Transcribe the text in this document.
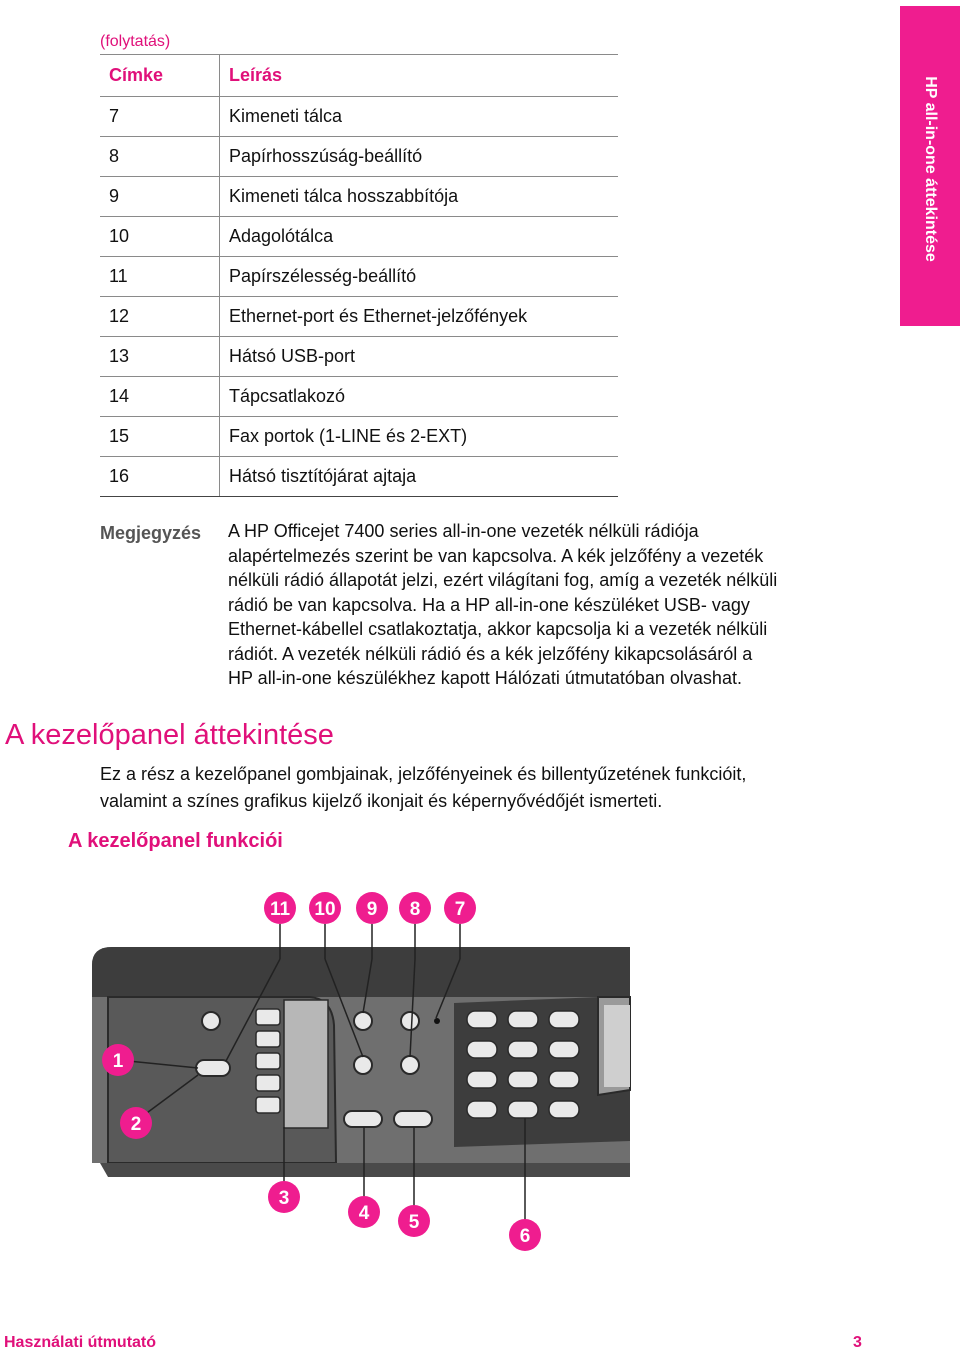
(folytatás)
HP all-in-one áttekintése
Címke	Leírás
7	Kimeneti tálca
8	Papírhosszúság-beállító
9	Kimeneti tálca hosszabbítója
10	Adagolótálca
11	Papírszélesség-beállító
12	Ethernet-port és Ethernet-jelzőfények
13	Hátsó USB-port
14	Tápcsatlakozó
15	Fax portok (1-LINE és 2-EXT)
16	Hátsó tisztítójárat ajtaja
Megjegyzés A HP Officejet 7400 series all-in-one vezeték nélküli rádiója
alapértelmezés szerint be van kapcsolva. A kék jelzőfény a vezeték
nélküli rádió állapotát jelzi, ezért világítani fog, amíg a vezeték nélküli
rádió be van kapcsolva. Ha a HP all-in-one készüléket USB- vagy
Ethernet-kábellel csatlakoztatja, akkor kapcsolja ki a vezeték nélküli
rádiót. A vezeték nélküli rádió és a kék jelzőfény kikapcsolásáról a
HP all-in-one készülékhez kapott Hálózati útmutatóban olvashat.
A kezelőpanel áttekintése
Ez a rész a kezelőpanel gombjainak, jelzőfényeinek és billentyűzetének funkcióit,
valamint a színes grafikus kijelző ikonjait és képernyővédőjét ismerteti.
A kezelőpanel funkciói
11 10 9 8 7
1
2
3
4 5
6
Használati útmutató	3
